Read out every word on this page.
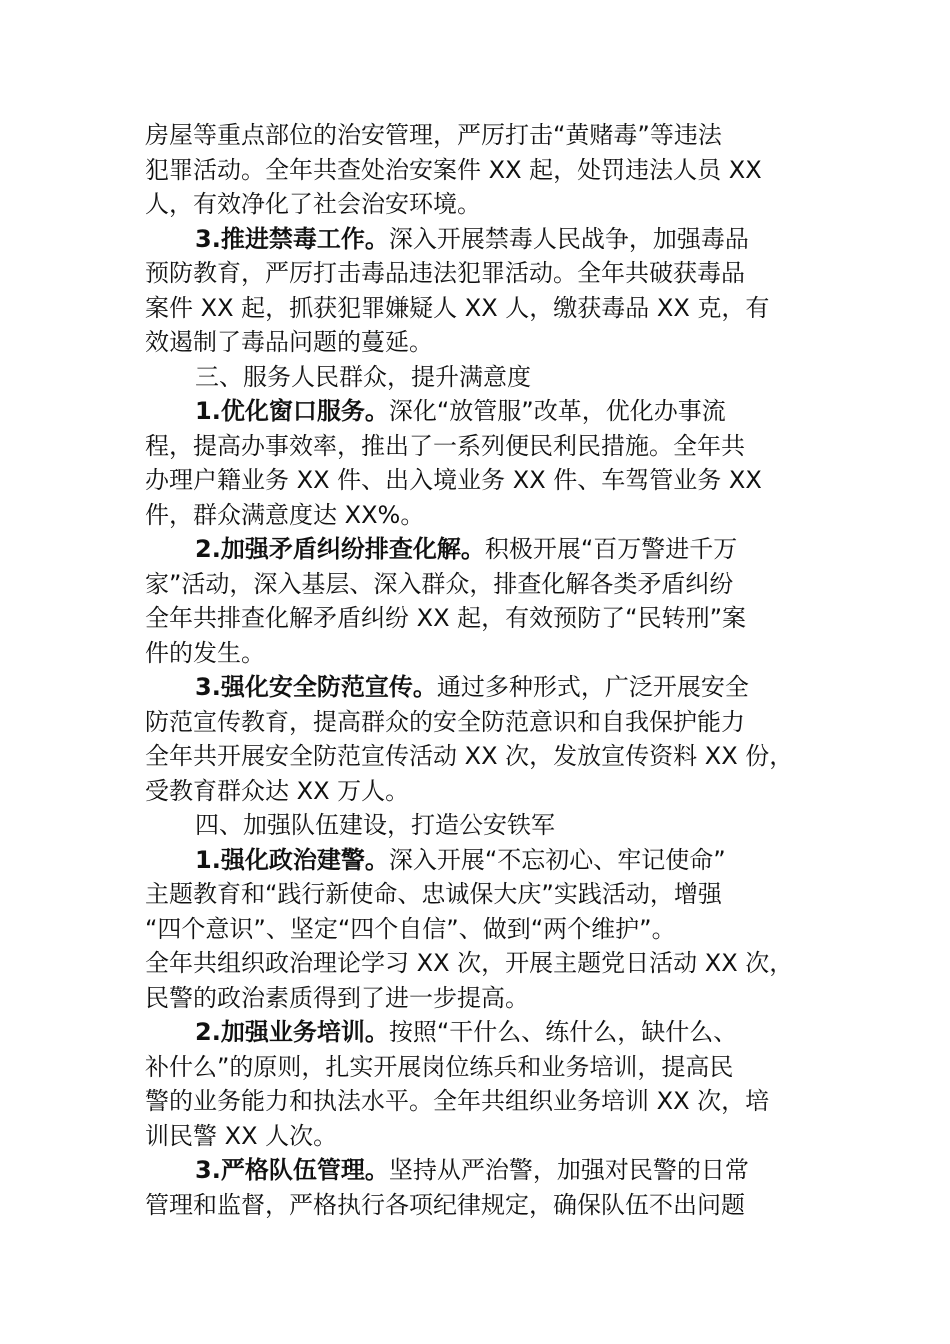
房屋等重点部位的治安管理，严厉打击“黄赌毒”等违法
犯罪活动。全年共查处治安案件 XX 起，处罚违法人员 XX
人，有效净化了社会治安环境。
3.推进禁毒工作。深入开展禁毒人民战争，加强毒品
预防教育，严厉打击毒品违法犯罪活动。全年共破获毒品
案件 XX 起，抓获犯罪嫌疑人 XX 人，缴获毒品 XX 克，有
效遏制了毒品问题的蔓延。
三、服务人民群众，提升满意度
1.优化窗口服务。深化“放管服”改革，优化办事流
程，提高办事效率，推出了一系列便民利民措施。全年共
办理户籍业务 XX 件、出入境业务 XX 件、车驾管业务 XX
件，群众满意度达 XX%。
2.加强矛盾纠纷排查化解。积极开展“百万警进千万
家”活动，深入基层、深入群众，排查化解各类矛盾纠纷
全年共排查化解矛盾纠纷 XX 起，有效预防了“民转刑”案
件的发生。
3.强化安全防范宣传。通过多种形式，广泛开展安全
防范宣传教育，提高群众的安全防范意识和自我保护能力
全年共开展安全防范宣传活动 XX 次，发放宣传资料 XX 份，
受教育群众达 XX 万人。
四、加强队伍建设，打造公安铁军
1.强化政治建警。深入开展“不忘初心、牢记使命”
主题教育和“践行新使命、忠诚保大庆”实践活动，增强
“四个意识”、坚定“四个自信”、做到“两个维护”。
全年共组织政治理论学习 XX 次，开展主题党日活动 XX 次，
民警的政治素质得到了进一步提高。
2.加强业务培训。按照“干什么、练什么，缺什么、
补什么”的原则，扎实开展岗位练兵和业务培训，提高民
警的业务能力和执法水平。全年共组织业务培训 XX 次，培
训民警 XX 人次。
3.严格队伍管理。坚持从严治警，加强对民警的日常
管理和监督，严格执行各项纪律规定，确保队伍不出问题
